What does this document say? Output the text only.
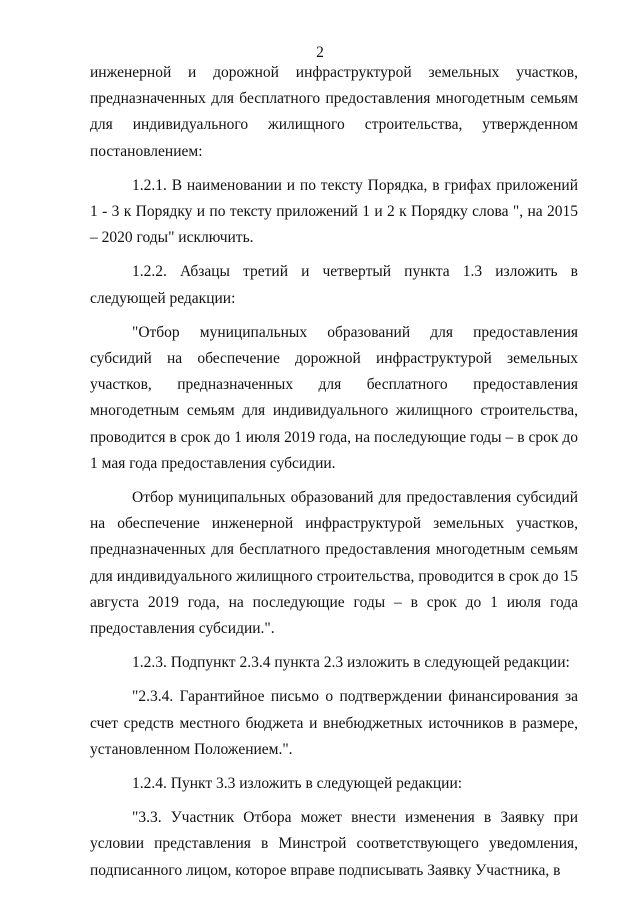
2

инженерной и дорожной инфраструктурой земельных участков, предназначенных для бесплатного предоставления многодетным семьям для индивидуального жилищного строительства, утвержденном постановлением:

1.2.1. В наименовании и по тексту Порядка, в грифах приложений 1 - 3 к Порядку и по тексту приложений 1 и 2 к Порядку слова ", на 2015 – 2020 годы" исключить.

1.2.2. Абзацы третий и четвертый пункта 1.3 изложить в следующей редакции:

"Отбор муниципальных образований для предоставления субсидий на обеспечение дорожной инфраструктурой земельных участков, предназначенных для бесплатного предоставления многодетным семьям для индивидуального жилищного строительства, проводится в срок до 1 июля 2019 года, на последующие годы – в срок до 1 мая года предоставления субсидии.

Отбор муниципальных образований для предоставления субсидий на обеспечение инженерной инфраструктурой земельных участков, предназначенных для бесплатного предоставления многодетным семьям для индивидуального жилищного строительства, проводится в срок до 15 августа 2019 года, на последующие годы – в срок до 1 июля года предоставления субсидии.".

1.2.3. Подпункт 2.3.4 пункта 2.3 изложить в следующей редакции:

"2.3.4. Гарантийное письмо о подтверждении финансирования за счет средств местного бюджета и внебюджетных источников в размере, установленном Положением.".

1.2.4. Пункт 3.3 изложить в следующей редакции:

"3.3. Участник Отбора может внести изменения в Заявку при условии представления в Минстрой соответствующего уведомления, подписанного лицом, которое вправе подписывать Заявку Участника, в
